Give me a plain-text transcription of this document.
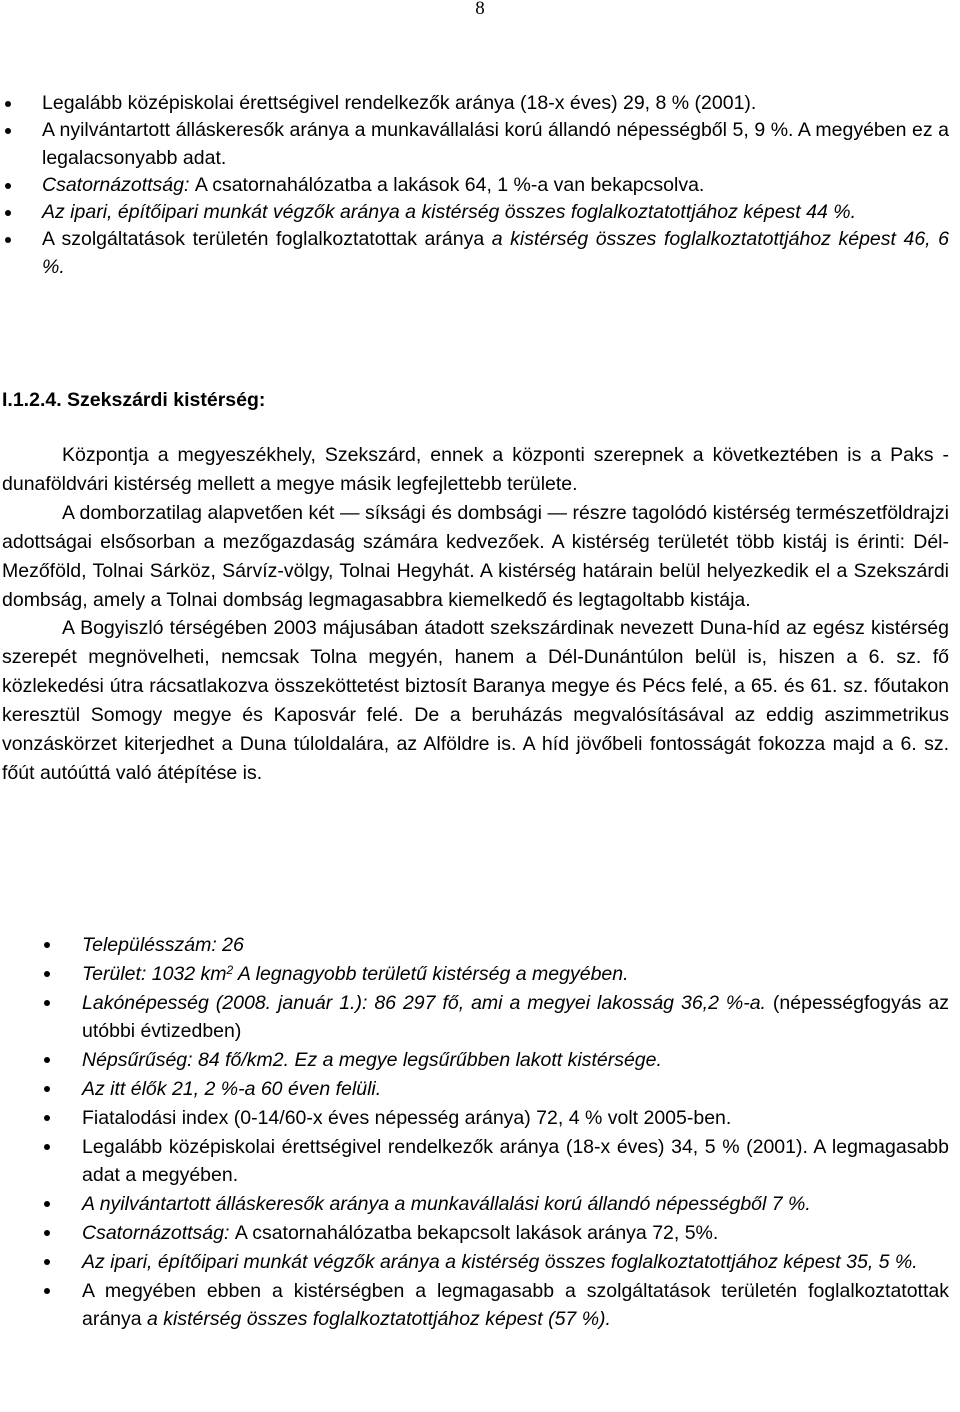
8
Legalább középiskolai érettségivel rendelkezők aránya (18-x éves) 29, 8 % (2001).
A nyilvántartott álláskeresők aránya a munkavállalási korú állandó népességből 5, 9 %. A megyében ez a legalacsonyabb adat.
Csatornázottság: A csatornahálózatba a lakások 64, 1 %-a van bekapcsolva.
Az ipari, építőipari munkát végzők aránya a kistérség összes foglalkoztatottjához képest 44 %.
A szolgáltatások területén foglalkoztatottak aránya a kistérség összes foglalkoztatottjához képest 46, 6 %.
I.1.2.4. Szekszárdi kistérség:

Központja a megyeszékhely, Szekszárd, ennek a központi szerepnek a következtében is a Paks - dunaföldvári kistérség mellett a megye másik legfejlettebb területe.

A domborzatilag alapvetően két — síksági és dombsági — részre tagolódó kistérség természetföldrajzi adottságai elsősorban a mezőgazdaság számára kedvezőek. A kistérség területét több kistáj is érinti: Dél-Mezőföld, Tolnai Sárköz, Sárvíz-völgy, Tolnai Hegyhát. A kistérség határain belül helyezkedik el a Szekszárdi dombság, amely a Tolnai dombság legmagasabbra kiemelkedő és legtagoltabb kistája.

A Bogyiszló térségében 2003 májusában átadott szekszárdinak nevezett Duna-híd az egész kistérség szerepét megnövelheti, nemcsak Tolna megyén, hanem a Dél-Dunántúlon belül is, hiszen a 6. sz. fő közlekedési útra rácsatlakozva összeköttetést biztosít Baranya megye és Pécs felé, a 65. és 61. sz. főutakon keresztül Somogy megye és Kaposvár felé. De a beruházás megvalósításával az eddig aszimmetrikus vonzáskörzet kiterjedhet a Duna túloldalára, az Alföldre is. A híd jövőbeli fontosságát fokozza majd a 6. sz. főút autóúttá való átépítése is.

Településszám: 26
Terület: 1032 $km^2$ A legnagyobb területű kistérség a megyében.
Lakónépesség (2008. január 1.): 86 297 fő, ami a megyei lakosság 36,2 %-a. (népességfogyás az utóbbi évtizedben)
Népsűrűség: 84 fő/km2. Ez a megye legsűrűbben lakott kistérsége.
Az itt élők 21, 2 %-a 60 éven felüli.
Fiatalodási index (0-14/60-x éves népesség aránya) 72, 4 % volt 2005-ben.
Legalább középiskolai érettségivel rendelkezők aránya (18-x éves) 34, 5 % (2001). A legmagasabb adat a megyében.
A nyilvántartott álláskeresők aránya a munkavállalási korú állandó népességből 7 %.
Csatornázottság: A csatornahálózatba bekapcsolt lakások aránya 72, 5%.
Az ipari, építőipari munkát végzők aránya a kistérség összes foglalkoztatottjához képest 35, 5 %.
A megyében ebben a kistérségben a legmagasabb a szolgáltatások területén foglalkoztatottak aránya a kistérség összes foglalkoztatottjához képest (57 %).
